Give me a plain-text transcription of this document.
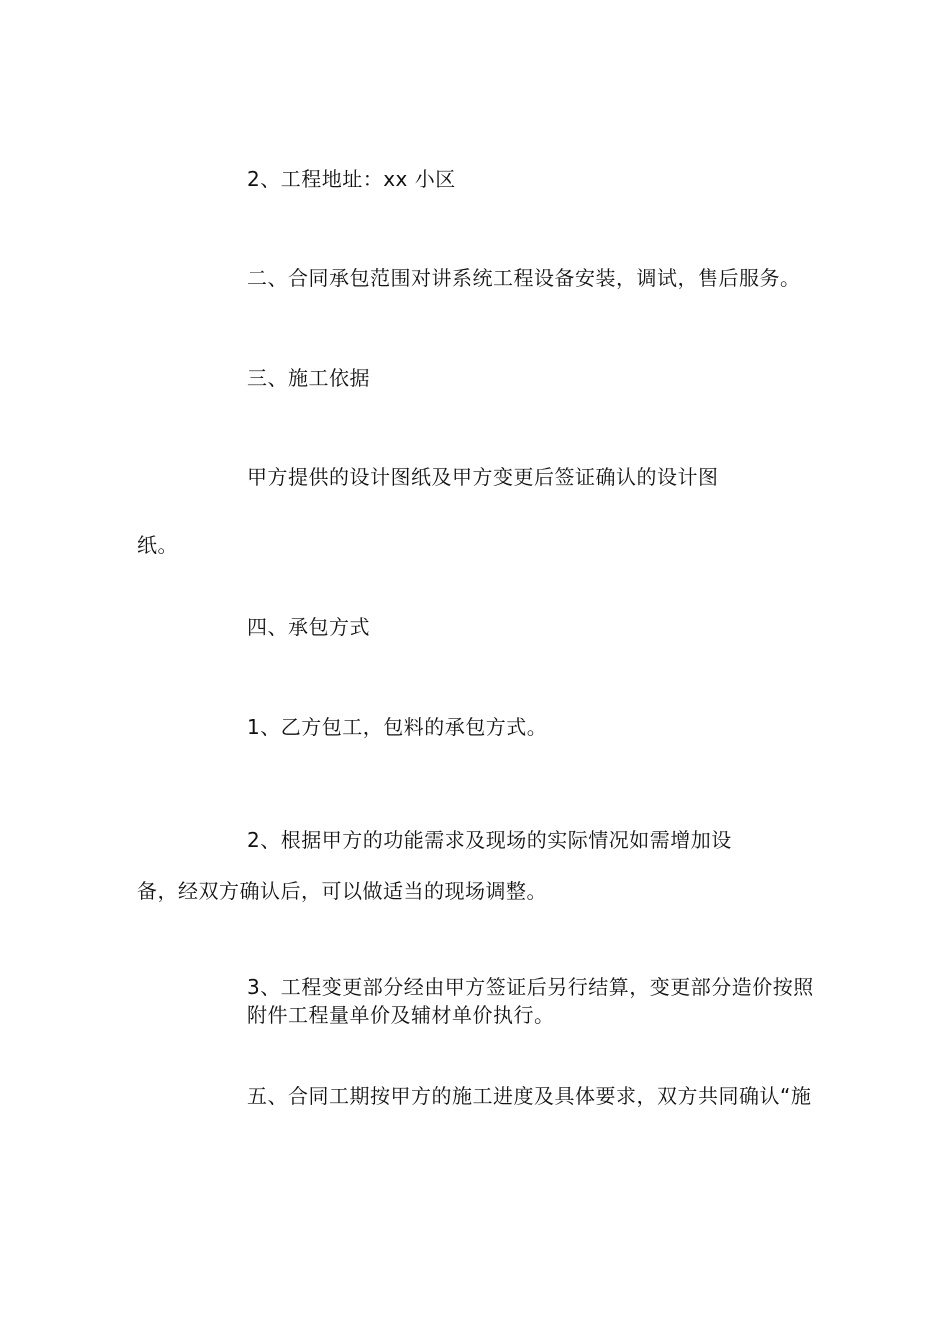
2、工程地址：xx 小区
二、合同承包范围对讲系统工程设备安装，调试，售后服务。
三、施工依据
甲方提供的设计图纸及甲方变更后签证确认的设计图
纸。
四、承包方式
1、乙方包工，包料的承包方式。
2、根据甲方的功能需求及现场的实际情况如需增加设
备，经双方确认后，可以做适当的现场调整。
3、工程变更部分经由甲方签证后另行结算，变更部分造价按照
附件工程量单价及辅材单价执行。
五、合同工期按甲方的施工进度及具体要求，双方共同确认“施
